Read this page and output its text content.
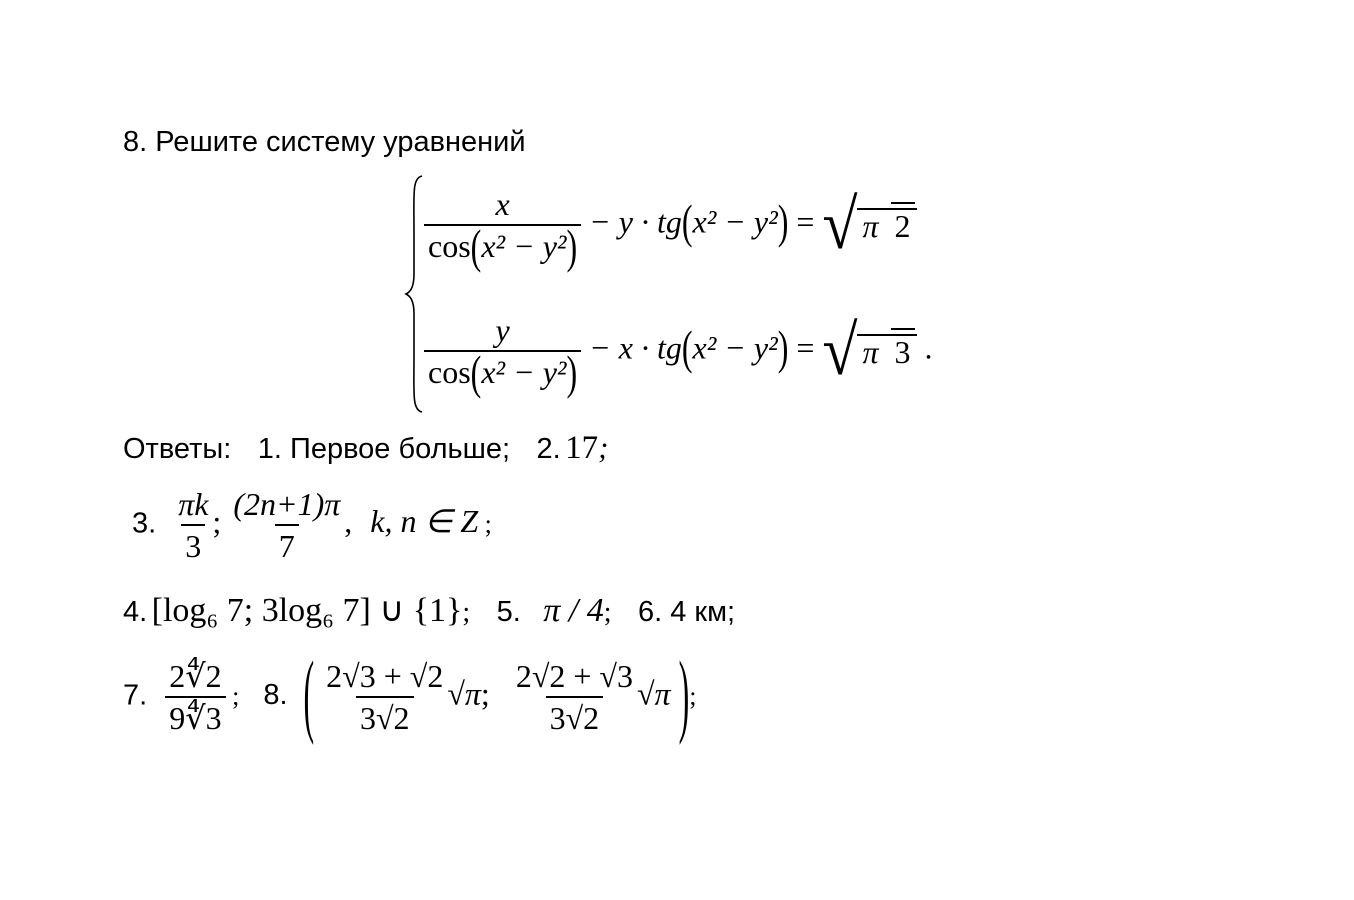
8. Решите систему уравнений
$\frac{x}{\text{cos(x² − y²)}} - y \cdot tg(x^2 - y^2)$ = √ π 2
$\frac{y}{\text{cos(x² − y²)}} - x \cdot tg(x^2 - y^2)$ = √ π 3 .
Ответы: 1. Первое больше; 2. 17;
3. $\frac{\pi k}{3}$ ; $\frac{(2n+1)\pi}{7}$ , k, n ∈ Z ;
4. [log₆ 7; 3log₆ 7] ∪ {1}; 5. π / 4; 6. 4 км;
7. $\frac{2∜2}{9∜3}$ ; 8. ( $\frac{2√3 + √2}{3√2} √\pi$; $\frac{2√2 + √3}{3√2} √\pi$ );
